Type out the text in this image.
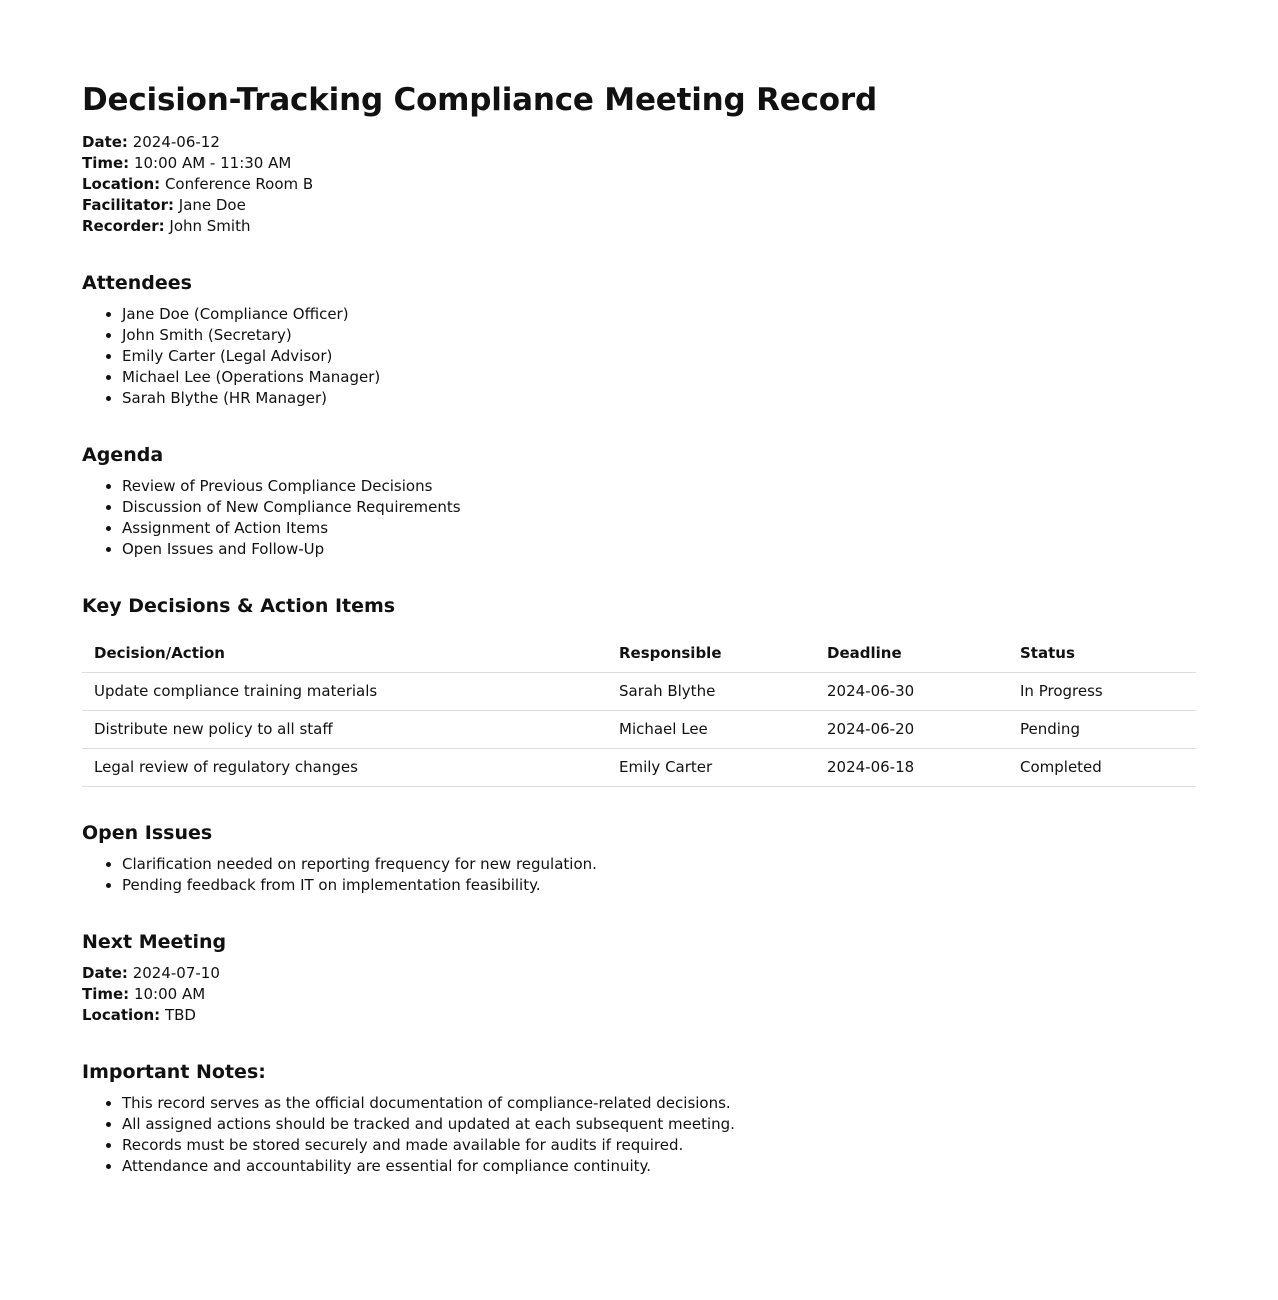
Decision-Tracking Compliance Meeting Record

Date: 2024-06-12

Time: 10:00 AM - 11:30 AM

Location: Conference Room B

Facilitator: Jane Doe

Recorder: John Smith

Attendees
• Jane Doe (Compliance Officer)
• John Smith (Secretary)
• Emily Carter (Legal Advisor)
• Michael Lee (Operations Manager)
• Sarah Blythe (HR Manager)
Agenda
• Review of Previous Compliance Decisions
• Discussion of New Compliance Requirements
• Assignment of Action Items
• Open Issues and Follow-Up
Key Decisions & Action Items
Decision/Action	Responsible	Deadline	Status
Update compliance training materials	Sarah Blythe	2024-06-30	In Progress
Distribute new policy to all staff	Michael Lee	2024-06-20	Pending
Legal review of regulatory changes	Emily Carter	2024-06-18	Completed
Open Issues
• Clarification needed on reporting frequency for new regulation.
• Pending feedback from IT on implementation feasibility.
Next Meeting

Date: 2024-07-10

Time: 10:00 AM

Location: TBD

Important Notes:
• This record serves as the official documentation of compliance-related decisions.
• All assigned actions should be tracked and updated at each subsequent meeting.
• Records must be stored securely and made available for audits if required.
• Attendance and accountability are essential for compliance continuity.
